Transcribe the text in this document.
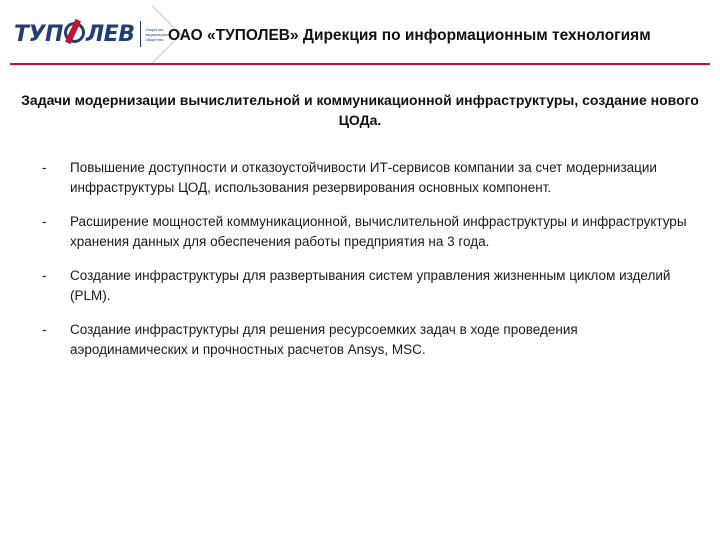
ТУП ЛЕВ	Открытое
акционерное
общество ОАО «ТУПОЛЕВ» Дирекция по информационным технологиям
Задачи модернизации вычислительной и коммуникационной инфраструктуры, создание нового ЦОДа.
- Повышение доступности и отказоустойчивости ИТ-сервисов компании за счет модернизации инфраструктуры ЦОД, использования резервирования основных компонент.
- Расширение мощностей коммуникационной, вычислительной инфраструктуры и инфраструктуры хранения данных для обеспечения работы предприятия на 3 года.
- Создание инфраструктуры для развертывания систем управления жизненным циклом изделий (PLM).
- Создание инфраструктуры для решения ресурсоемких задач в ходе проведения аэродинамических и прочностных расчетов Ansys, MSC.
